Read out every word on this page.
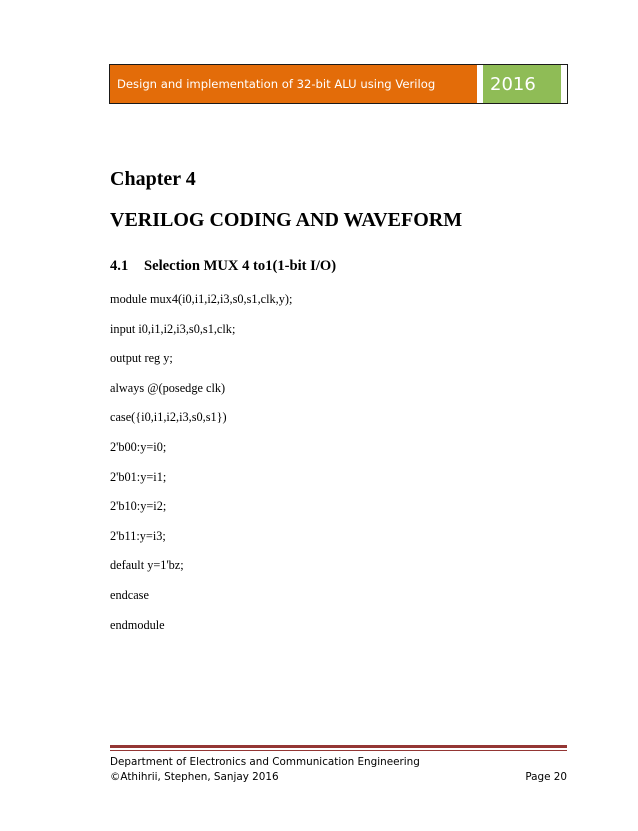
Design and implementation of 32-bit ALU using Verilog	2016
Chapter 4
VERILOG CODING AND WAVEFORM
4.1 Selection MUX 4 to1(1-bit I/O)
module mux4(i0,i1,i2,i3,s0,s1,clk,y);
input i0,i1,i2,i3,s0,s1,clk;
output reg y;
always @(posedge clk)
case({i0,i1,i2,i3,s0,s1})
2'b00:y=i0;
2'b01:y=i1;
2'b10:y=i2;
2'b11:y=i3;
default y=1'bz;
endcase
endmodule
Department of Electronics and Communication Engineering
©Athihrii, Stephen, Sanjay 2016	Page 20
